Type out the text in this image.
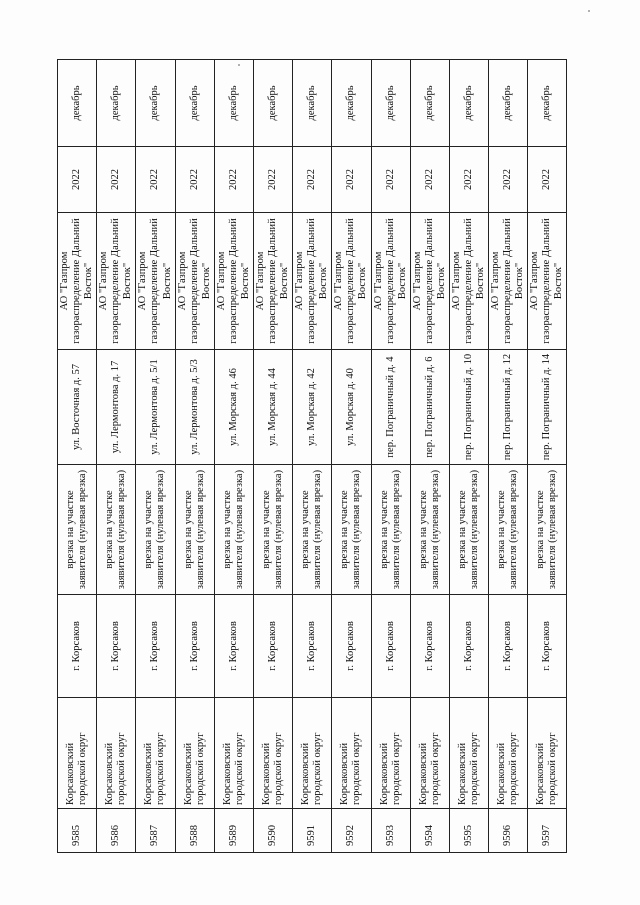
9585	Корсаковский городской округ	г. Корсаков	врезка на участке заявителя (нулевая врезка)	ул. Восточная д. 57	АО "Газпром газораспределение Дальний Восток"	2022	декабрь
9586	Корсаковский городской округ	г. Корсаков	врезка на участке заявителя (нулевая врезка)	ул. Лермонтова д. 17	АО "Газпром газораспределение Дальний Восток"	2022	декабрь
9587	Корсаковский городской округ	г. Корсаков	врезка на участке заявителя (нулевая врезка)	ул. Лермонтова д. 5/1	АО "Газпром газораспределение Дальний Восток"	2022	декабрь
9588	Корсаковский городской округ	г. Корсаков	врезка на участке заявителя (нулевая врезка)	ул. Лермонтова д. 5/3	АО "Газпром газораспределение Дальний Восток"	2022	декабрь
9589	Корсаковский городской округ	г. Корсаков	врезка на участке заявителя (нулевая врезка)	ул. Морская д. 46	АО "Газпром газораспределение Дальний Восток"	2022	декабрь
9590	Корсаковский городской округ	г. Корсаков	врезка на участке заявителя (нулевая врезка)	ул. Морская д. 44	АО "Газпром газораспределение Дальний Восток"	2022	декабрь
9591	Корсаковский городской округ	г. Корсаков	врезка на участке заявителя (нулевая врезка)	ул. Морская д. 42	АО "Газпром газораспределение Дальний Восток"	2022	декабрь
9592	Корсаковский городской округ	г. Корсаков	врезка на участке заявителя (нулевая врезка)	ул. Морская д. 40	АО "Газпром газораспределение Дальний Восток"	2022	декабрь
9593	Корсаковский городской округ	г. Корсаков	врезка на участке заявителя (нулевая врезка)	пер. Пограничный д. 4	АО "Газпром газораспределение Дальний Восток"	2022	декабрь
9594	Корсаковский городской округ	г. Корсаков	врезка на участке заявителя (нулевая врезка)	пер. Пограничный д. 6	АО "Газпром газораспределение Дальний Восток"	2022	декабрь
9595	Корсаковский городской округ	г. Корсаков	врезка на участке заявителя (нулевая врезка)	пер. Пограничный д. 10	АО "Газпром газораспределение Дальний Восток"	2022	декабрь
9596	Корсаковский городской округ	г. Корсаков	врезка на участке заявителя (нулевая врезка)	пер. Пограничный д. 12	АО "Газпром газораспределение Дальний Восток"	2022	декабрь
9597	Корсаковский городской округ	г. Корсаков	врезка на участке заявителя (нулевая врезка)	пер. Пограничный д. 14	АО "Газпром газораспределение Дальний Восток"	2022	декабрь
